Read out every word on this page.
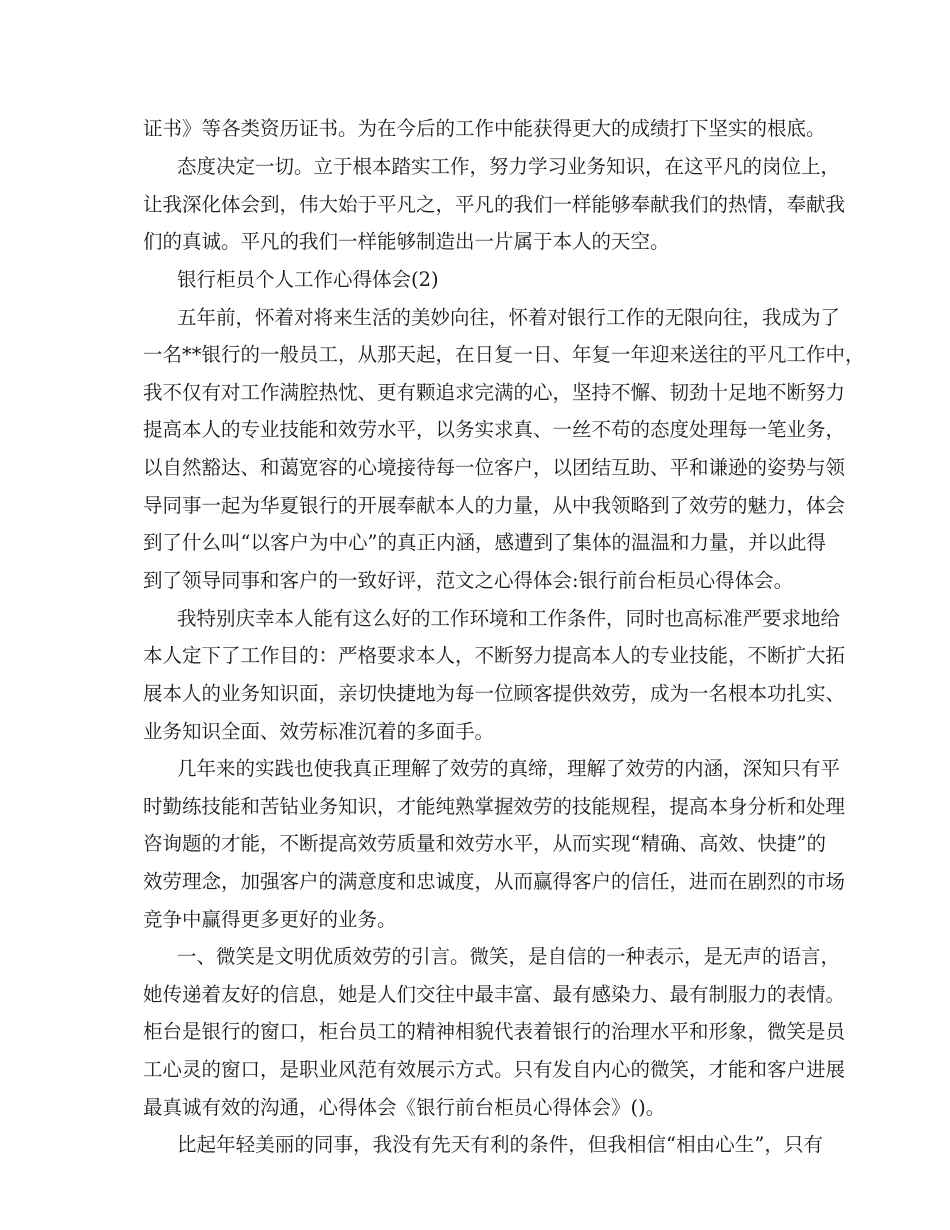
证书》等各类资历证书。为在今后的工作中能获得更大的成绩打下坚实的根底。

态度决定一切。立于根本踏实工作，努力学习业务知识，在这平凡的岗位上，

让我深化体会到，伟大始于平凡之，平凡的我们一样能够奉献我们的热情，奉献我

们的真诚。平凡的我们一样能够制造出一片属于本人的天空。

银行柜员个人工作心得体会(2)

五年前，怀着对将来生活的美妙向往，怀着对银行工作的无限向往，我成为了

一名**银行的一般员工，从那天起，在日复一日、年复一年迎来送往的平凡工作中，

我不仅有对工作满腔热忱、更有颗追求完满的心，坚持不懈、韧劲十足地不断努力

提高本人的专业技能和效劳水平，以务实求真、一丝不苟的态度处理每一笔业务，

以自然豁达、和蔼宽容的心境接待每一位客户，以团结互助、平和谦逊的姿势与领

导同事一起为华夏银行的开展奉献本人的力量，从中我领略到了效劳的魅力，体会

到了什么叫“以客户为中心”的真正内涵，感遭到了集体的温温和力量，并以此得

到了领导同事和客户的一致好评，范文之心得体会:银行前台柜员心得体会。

我特别庆幸本人能有这么好的工作环境和工作条件，同时也高标准严要求地给

本人定下了工作目的：严格要求本人，不断努力提高本人的专业技能，不断扩大拓

展本人的业务知识面，亲切快捷地为每一位顾客提供效劳，成为一名根本功扎实、

业务知识全面、效劳标准沉着的多面手。

几年来的实践也使我真正理解了效劳的真缔，理解了效劳的内涵，深知只有平

时勤练技能和苦钻业务知识，才能纯熟掌握效劳的技能规程，提高本身分析和处理

咨询题的才能，不断提高效劳质量和效劳水平，从而实现“精确、高效、快捷”的

效劳理念，加强客户的满意度和忠诚度，从而赢得客户的信任，进而在剧烈的市场

竞争中赢得更多更好的业务。

一、微笑是文明优质效劳的引言。微笑，是自信的一种表示，是无声的语言，

她传递着友好的信息，她是人们交往中最丰富、最有感染力、最有制服力的表情。

柜台是银行的窗口，柜台员工的精神相貌代表着银行的治理水平和形象，微笑是员

工心灵的窗口，是职业风范有效展示方式。只有发自内心的微笑，才能和客户进展

最真诚有效的沟通，心得体会《银行前台柜员心得体会》()。

比起年轻美丽的同事，我没有先天有利的条件，但我相信“相由心生”，只有
